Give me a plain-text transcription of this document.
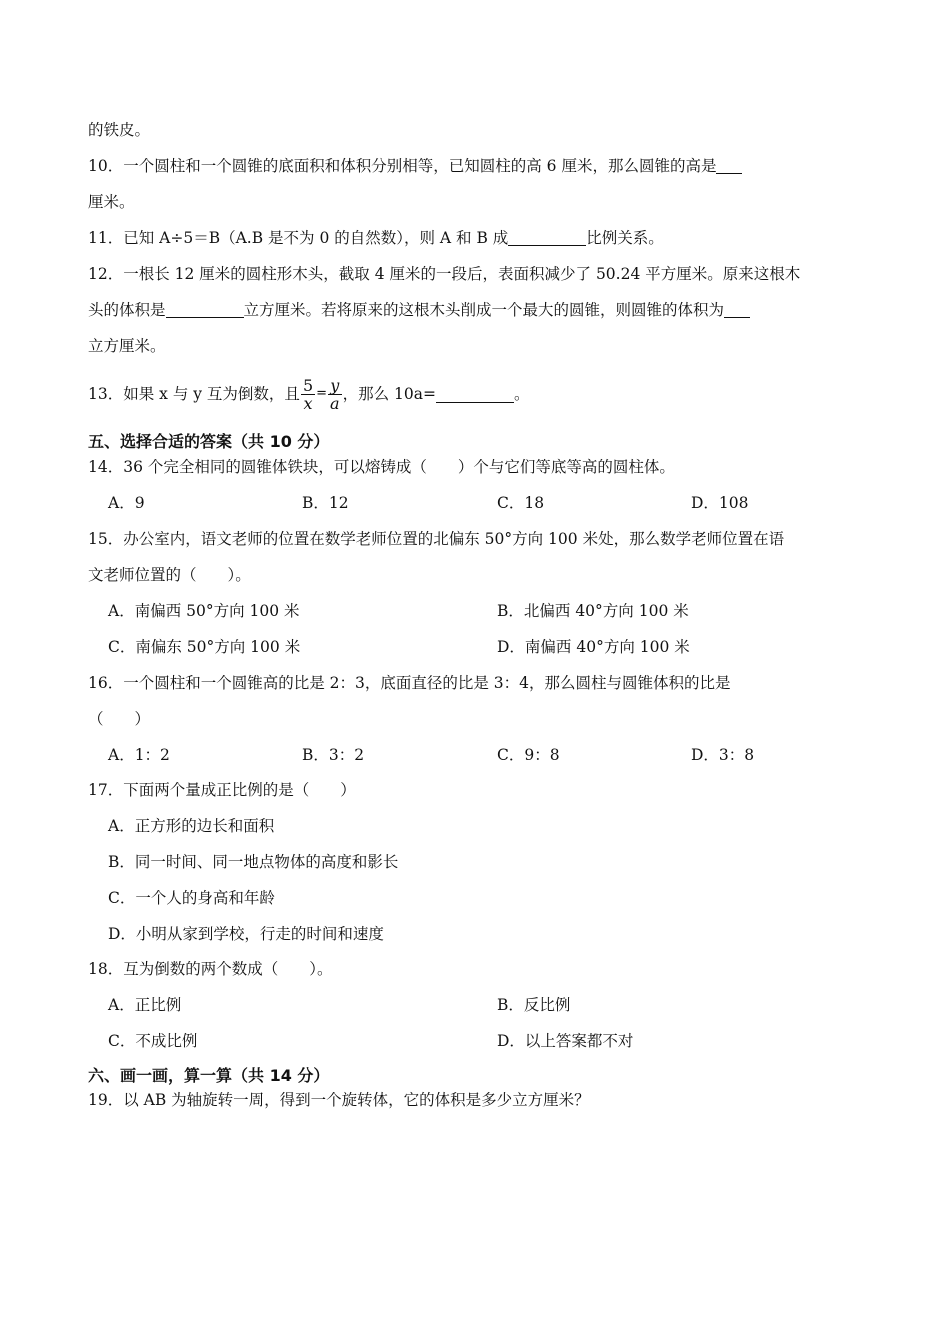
的铁皮。
10．一个圆柱和一个圆锥的底面积和体积分别相等，已知圆柱的高 6 厘米，那么圆锥的高是
厘米。
11．已知 A÷5＝B（A.B 是不为 0 的自然数），则 A 和 B 成	比例关系。
12．一根长 12 厘米的圆柱形木头，截取 4 厘米的一段后，表面积减少了 50.24 平方厘米。原来这根木
头的体积是	立方厘米。若将原来的这根木头削成一个最大的圆锥，则圆锥的体积为
立方厘米。
13．如果 x 与 y 互为倒数，且 $\frac{5}{x} = \frac{y}{a}$ ，那么 10a=	。
五、选择合适的答案（共 10 分）
14．36 个完全相同的圆锥体铁块，可以熔铸成（　　）个与它们等底等高的圆柱体。
A．9	B．12	C．18	D．108
15．办公室内，语文老师的位置在数学老师位置的北偏东 50°方向 100 米处，那么数学老师位置在语
文老师位置的（　　）。
A．南偏西 50°方向 100 米	B．北偏西 40°方向 100 米
C．南偏东 50°方向 100 米	D．南偏西 40°方向 100 米
16．一个圆柱和一个圆锥高的比是 2：3，底面直径的比是 3：4，那么圆柱与圆锥体积的比是
（　　）
A．1：2	B．3：2	C．9：8	D．3：8
17．下面两个量成正比例的是（　　）
A．正方形的边长和面积
B．同一时间、同一地点物体的高度和影长
C．一个人的身高和年龄
D．小明从家到学校，行走的时间和速度
18．互为倒数的两个数成（　　）。
A．正比例	B．反比例
C．不成比例	D．以上答案都不对
六、画一画，算一算（共 14 分）
19．以 AB 为轴旋转一周，得到一个旋转体，它的体积是多少立方厘米？
